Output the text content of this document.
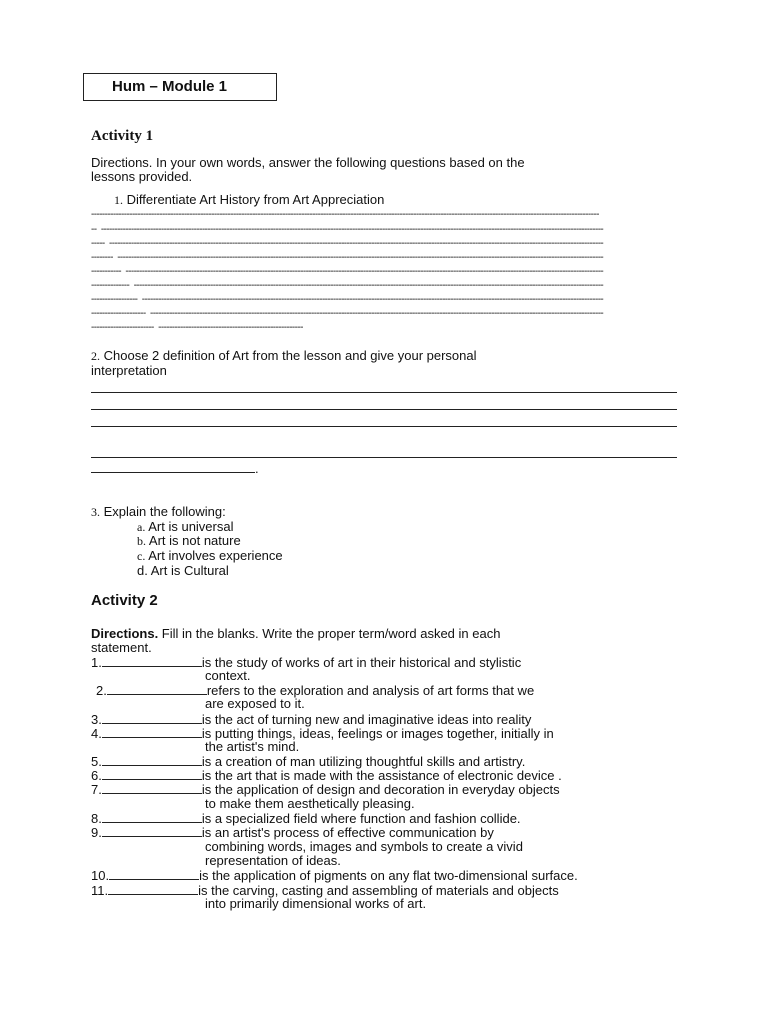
Hum – Module 1
Activity 1
Directions. In your own words, answer the following questions based on the
lessons provided.
1. Differentiate Art History from Art Appreciation
------------------------------------------------------------------------------------------------------------------------------------------------------------------------------------------
--  ----------------------------------------------------------------------------------------------------------------------------------------------------------------------------------------
-----  -------------------------------------------------------------------------------------------------------------------------------------------------------------------------------------
--------  ----------------------------------------------------------------------------------------------------------------------------------------------------------------------------------
-----------  -------------------------------------------------------------------------------------------------------------------------------------------------------------------------------
--------------  ----------------------------------------------------------------------------------------------------------------------------------------------------------------------------
-----------------  -------------------------------------------------------------------------------------------------------------------------------------------------------------------------
--------------------  ----------------------------------------------------------------------------------------------------------------------------------------------------------------------
-----------------------  -----------------------------------------------------
2. Choose 2 definition of Art from the lesson and give your personal
interpretation
.
3. Explain the following:
a. Art is universal
b. Art is not nature
c. Art involves experience
d. Art is Cultural
Activity 2
Directions. Fill in the blanks. Write the proper term/word asked in each
statement.
1.	is the study of works of art in their historical and stylistic
context.
2.	refers to the exploration and analysis of art forms that we
are exposed to it.
3.	is the act of turning new and imaginative ideas into reality
4.	is putting things, ideas, feelings or images together, initially in
the artist's mind.
5.	is a creation of man utilizing thoughtful skills and artistry.
6.	is the art that is made with the assistance of electronic device .
7.	is the application of design and decoration in everyday objects
to make them aesthetically pleasing.
8.	is a specialized field where function and fashion collide.
9.	is an artist's process of effective communication by
combining words, images and symbols to create a vivid
representation of ideas.
10.	is the application of pigments on any flat two-dimensional surface.
11.	is the carving, casting and assembling of materials and objects
into primarily dimensional works of art.
